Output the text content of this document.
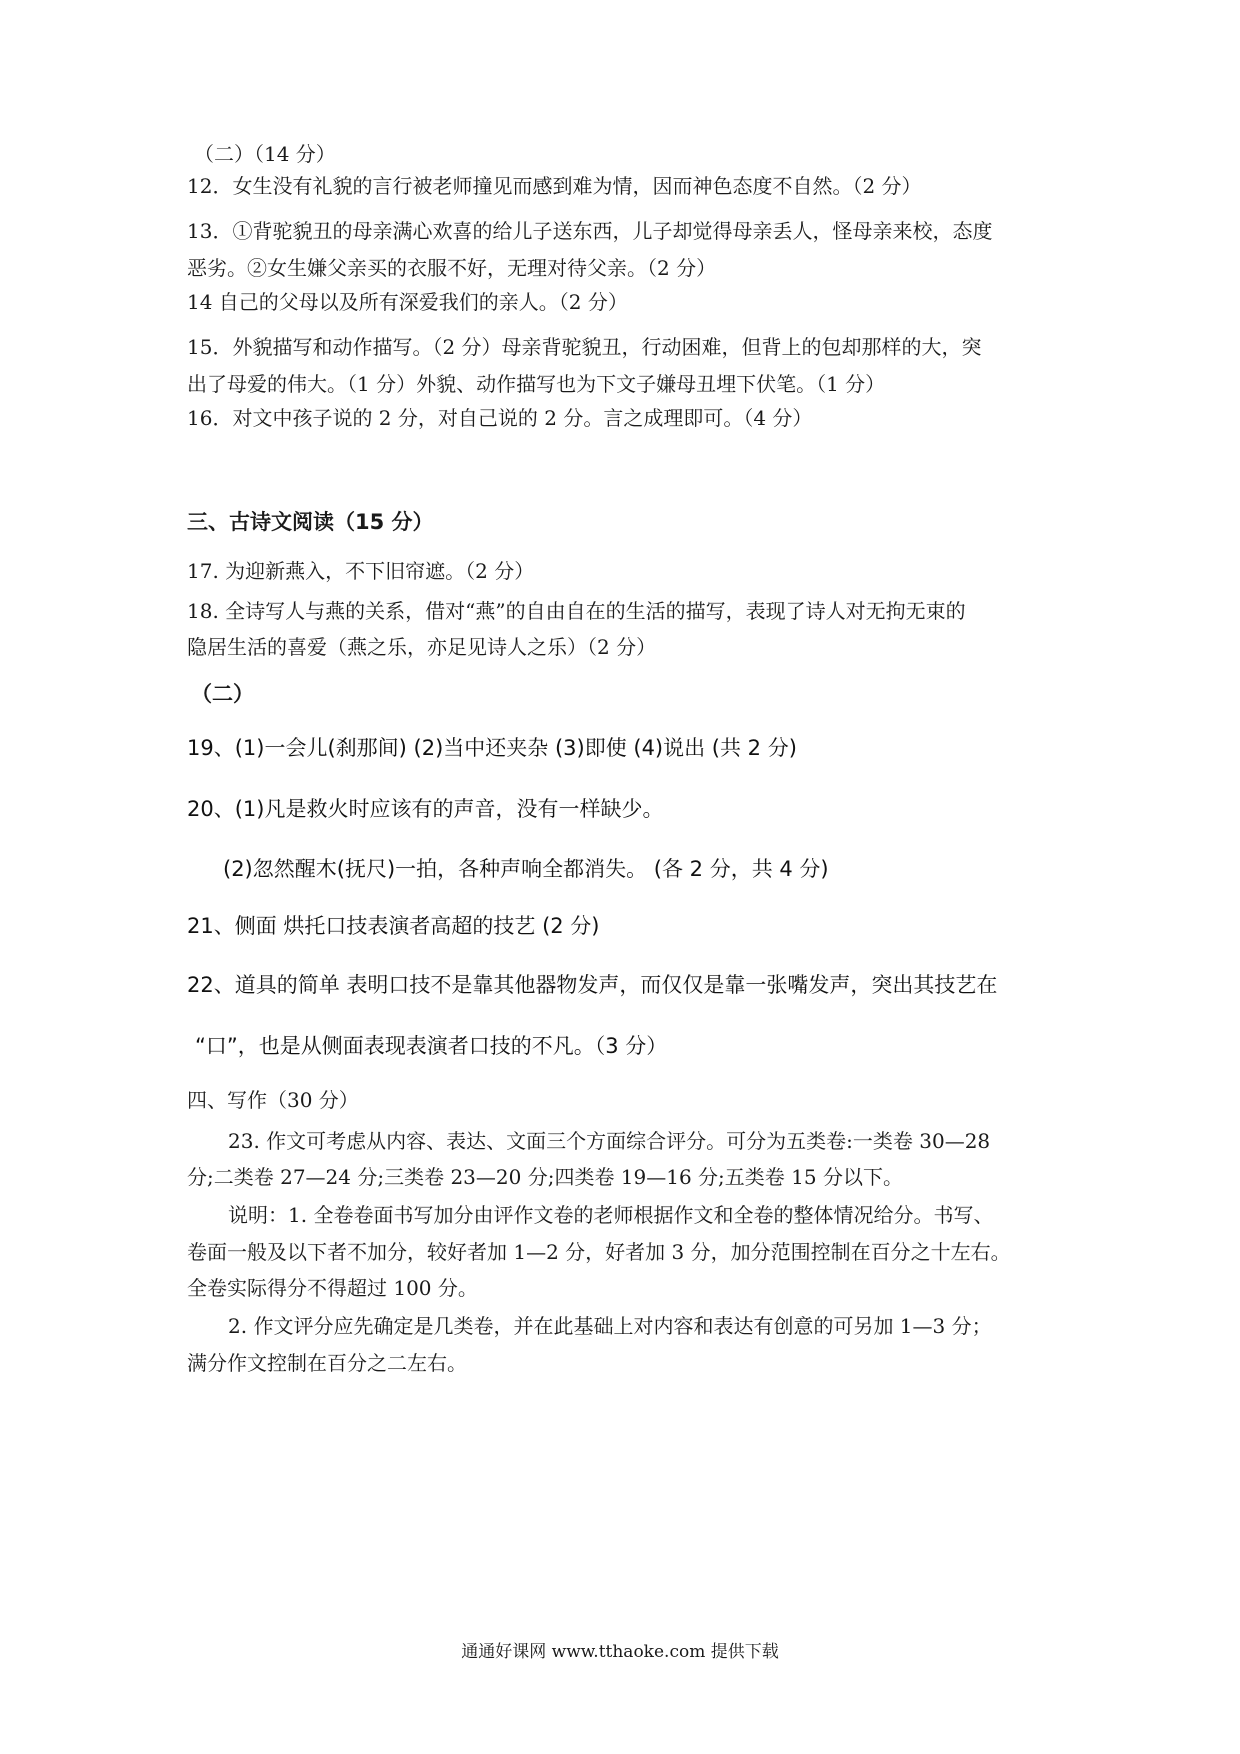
（二）（14 分）
12．女生没有礼貌的言行被老师撞见而感到难为情，因而神色态度不自然。（2 分）
13．①背驼貌丑的母亲满心欢喜的给儿子送东西，儿子却觉得母亲丢人，怪母亲来校，态度
恶劣。②女生嫌父亲买的衣服不好，无理对待父亲。（2 分）
14 自己的父母以及所有深爱我们的亲人。（2 分）
15．外貌描写和动作描写。（2 分）母亲背驼貌丑，行动困难，但背上的包却那样的大，突
出了母爱的伟大。（1 分）外貌、动作描写也为下文子嫌母丑埋下伏笔。（1 分）
16．对文中孩子说的 2 分，对自己说的 2 分。言之成理即可。（4 分）
三、古诗文阅读（15 分）
17. 为迎新燕入，不下旧帘遮。（2 分）
18. 全诗写人与燕的关系，借对“燕”的自由自在的生活的描写，表现了诗人对无拘无束的
隐居生活的喜爱（燕之乐，亦足见诗人之乐）（2 分）
（二）
19、(1)一会儿(刹那间) (2)当中还夹杂 (3)即使 (4)说出 (共 2 分)
20、(1)凡是救火时应该有的声音，没有一样缺少。
(2)忽然醒木(抚尺)一拍，各种声响全都消失。 (各 2 分，共 4 分)
21、侧面 烘托口技表演者高超的技艺 (2 分)
22、道具的简单 表明口技不是靠其他器物发声，而仅仅是靠一张嘴发声，突出其技艺在
“口”，也是从侧面表现表演者口技的不凡。（3 分）
四、写作（30 分）
23. 作文可考虑从内容、表达、文面三个方面综合评分。可分为五类卷:一类卷 30—28
分;二类卷 27—24 分;三类卷 23—20 分;四类卷 19—16 分;五类卷 15 分以下。
说明：1. 全卷卷面书写加分由评作文卷的老师根据作文和全卷的整体情况给分。书写、
卷面一般及以下者不加分，较好者加 1—2 分，好者加 3 分，加分范围控制在百分之十左右。
全卷实际得分不得超过 100 分。
2. 作文评分应先确定是几类卷，并在此基础上对内容和表达有创意的可另加 1—3 分；
满分作文控制在百分之二左右。
通通好课网 www.tthaoke.com 提供下载
